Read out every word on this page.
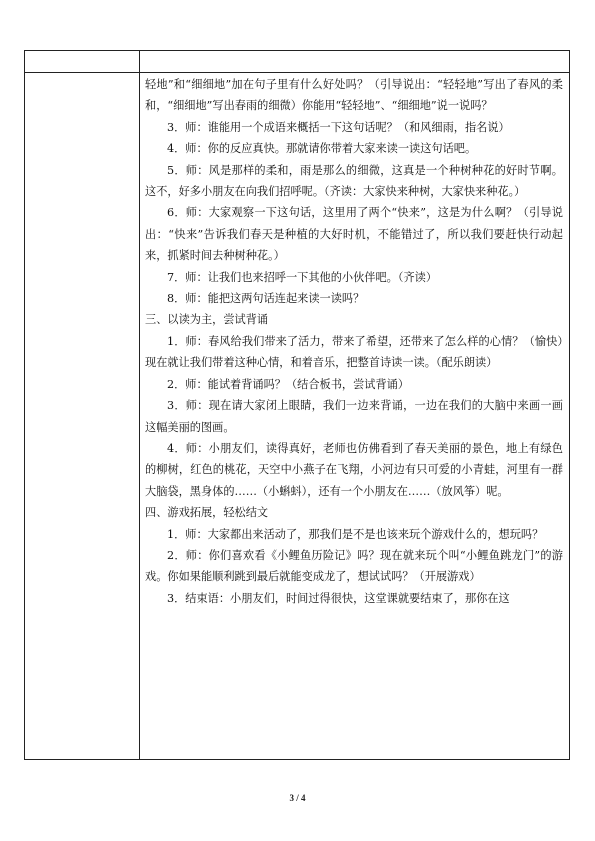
轻地”和“细细地”加在句子里有什么好处吗？（引导说出：“轻轻地”写出了春风的柔和，“细细地”写出春雨的细微）你能用“轻轻地”、“细细地”说一说吗？

3．师：谁能用一个成语来概括一下这句话呢？（和风细雨，指名说）

4．师：你的反应真快。那就请你带着大家来读一读这句话吧。

5．师：风是那样的柔和，雨是那么的细微，这真是一个种树种花的好时节啊。这不，好多小朋友在向我们招呼呢。（齐读：大家快来种树，大家快来种花。）

6．师：大家观察一下这句话，这里用了两个“快来”，这是为什么啊？（引导说出：“快来”告诉我们春天是种植的大好时机，不能错过了，所以我们要赶快行动起来，抓紧时间去种树种花。）

7．师：让我们也来招呼一下其他的小伙伴吧。（齐读）

8．师：能把这两句话连起来读一读吗？

三、以读为主，尝试背诵

1．师：春风给我们带来了活力，带来了希望，还带来了怎么样的心情？（愉快）现在就让我们带着这种心情，和着音乐，把整首诗读一读。（配乐朗读）

2．师：能试着背诵吗？（结合板书，尝试背诵）

3．师：现在请大家闭上眼睛，我们一边来背诵，一边在我们的大脑中来画一画这幅美丽的图画。

4．师：小朋友们，读得真好，老师也仿佛看到了春天美丽的景色，地上有绿色的柳树，红色的桃花，天空中小燕子在飞翔，小河边有只可爱的小青蛙，河里有一群大脑袋，黑身体的……（小蝌蚪），还有一个小朋友在……（放风筝）呢。

四、游戏拓展，轻松结文

1．师：大家都出来活动了，那我们是不是也该来玩个游戏什么的，想玩吗？

2．师：你们喜欢看《小鲤鱼历险记》吗？现在就来玩个叫“小鲤鱼跳龙门”的游戏。你如果能顺利跳到最后就能变成龙了，想试试吗？（开展游戏）

3．结束语：小朋友们，时间过得很快，这堂课就要结束了，那你在这

3 / 4
